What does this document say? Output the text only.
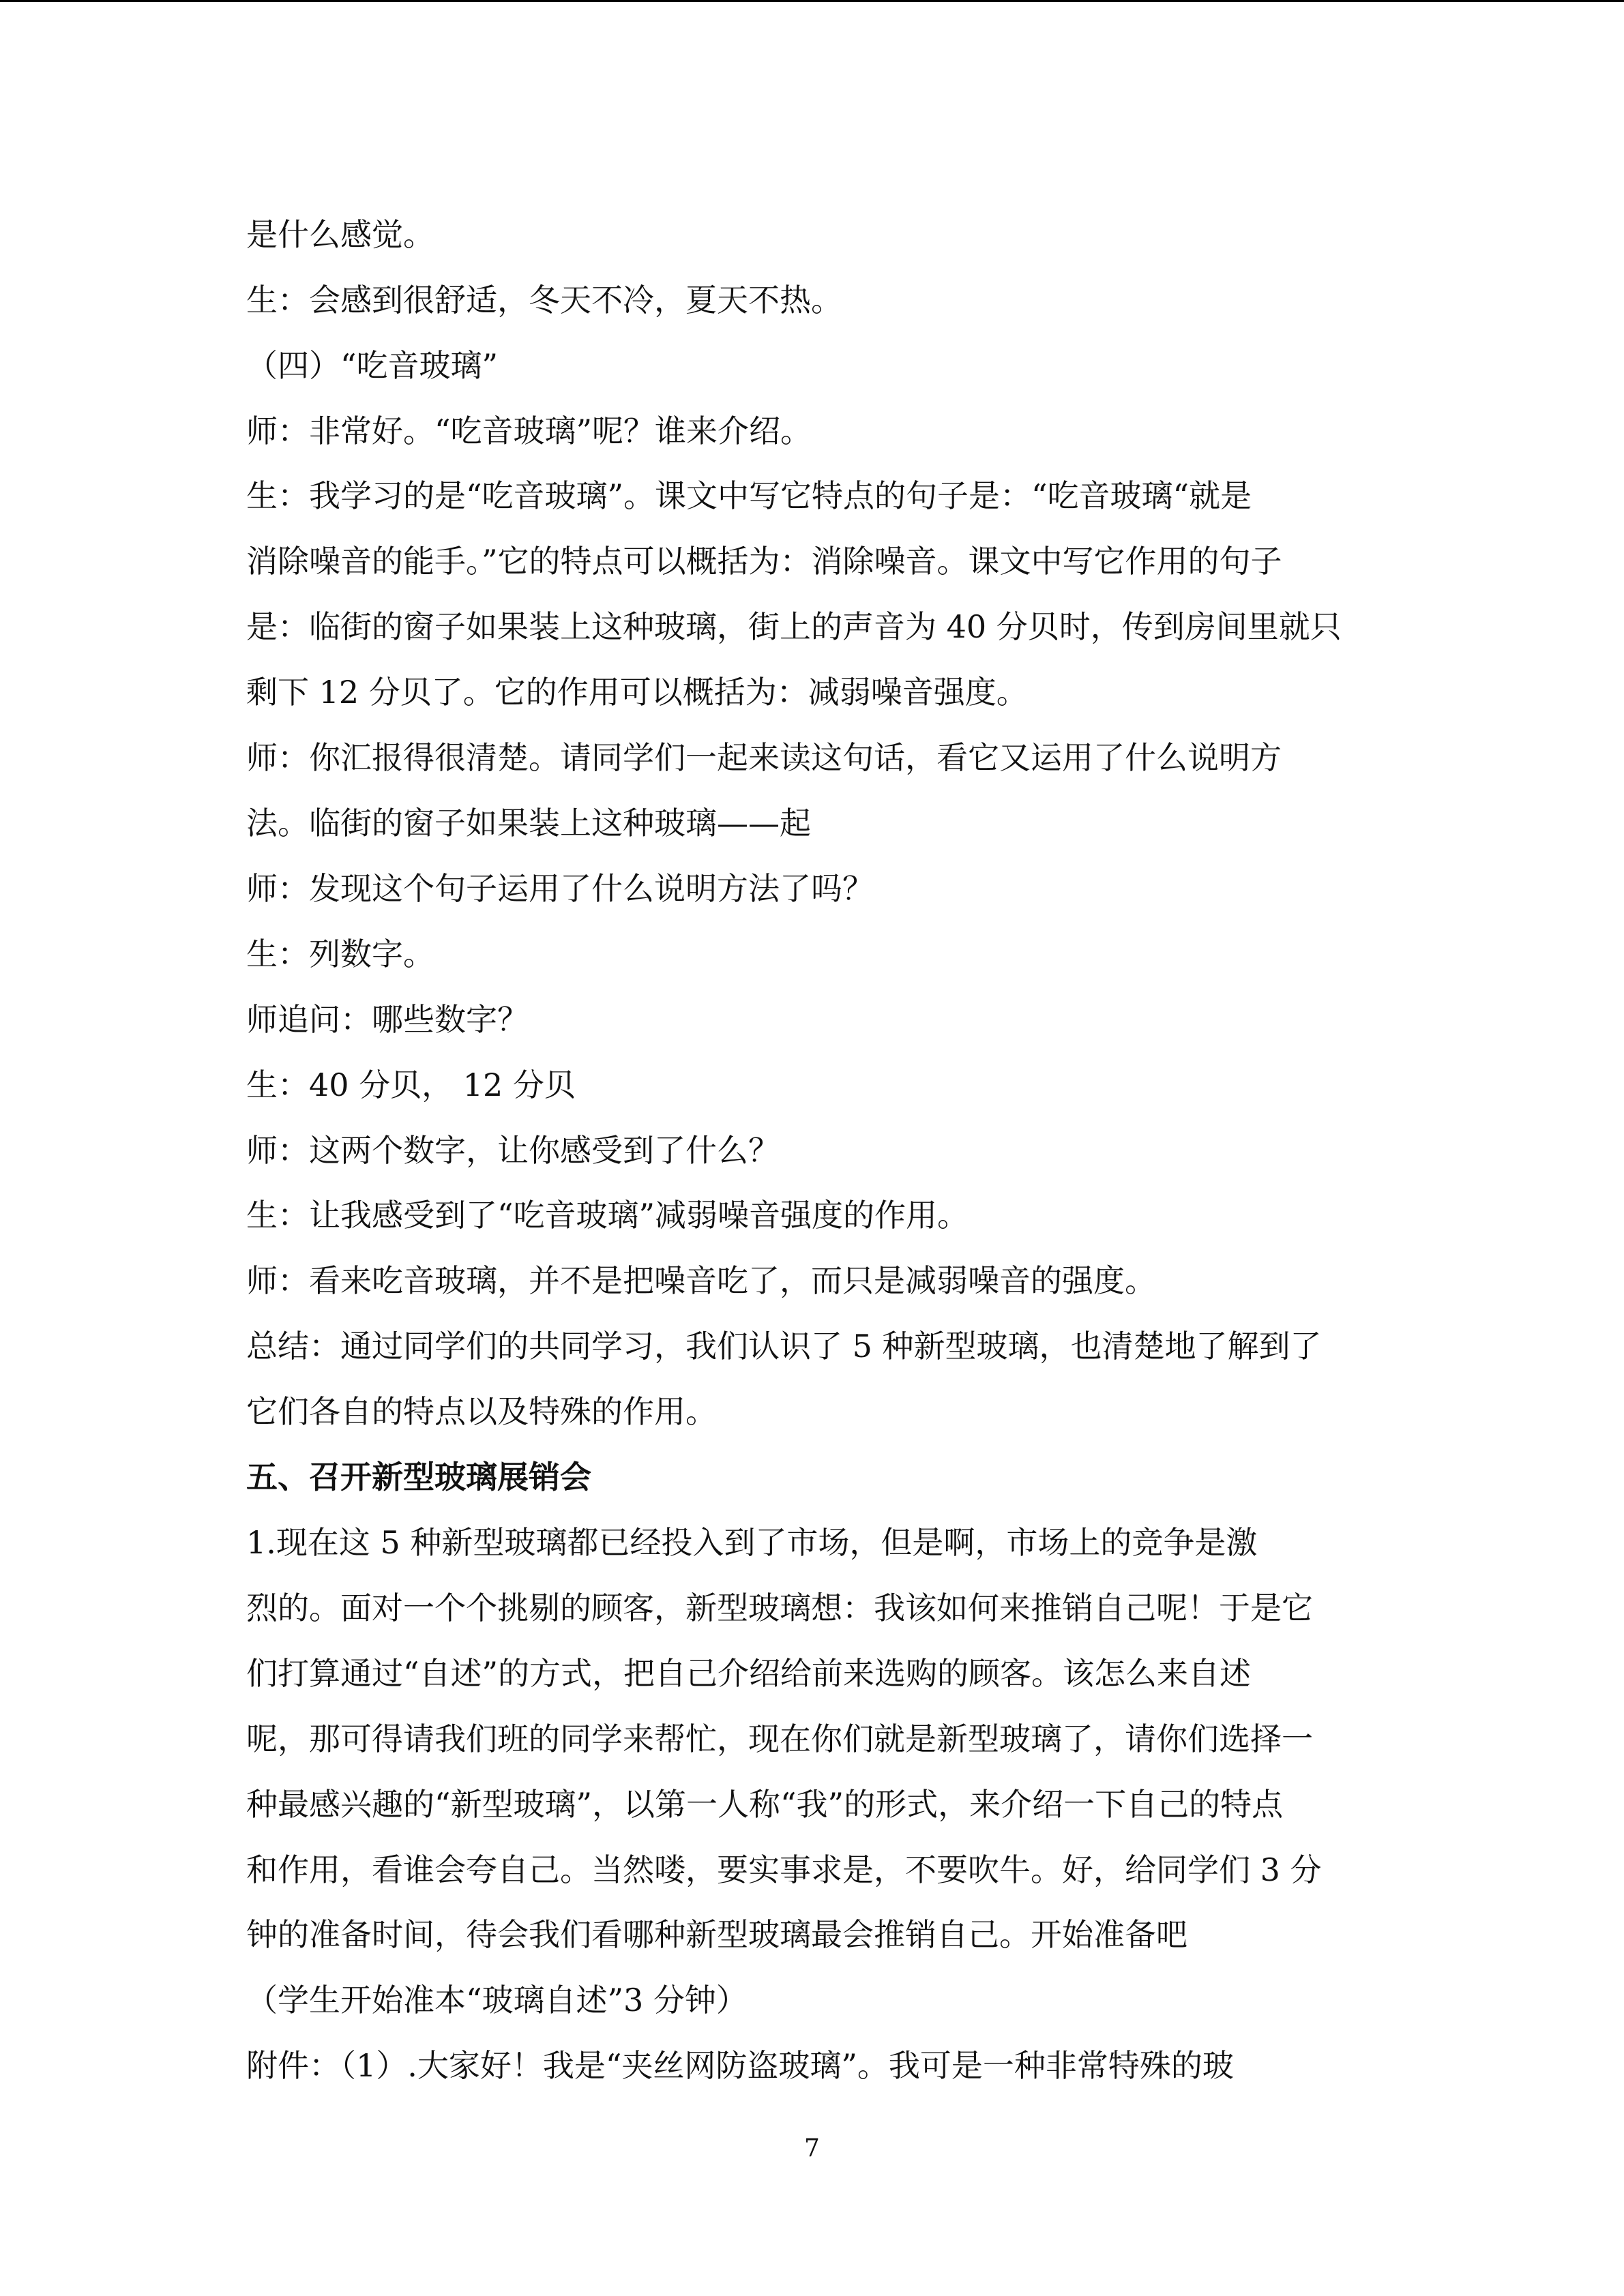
是什么感觉。
生：会感到很舒适，冬天不冷，夏天不热。
（四）“吃音玻璃”
师：非常好。“吃音玻璃”呢？谁来介绍。
生：我学习的是“吃音玻璃”。课文中写它特点的句子是：“吃音玻璃“就是
消除噪音的能手。”它的特点可以概括为：消除噪音。课文中写它作用的句子
是：临街的窗子如果装上这种玻璃，街上的声音为 40 分贝时，传到房间里就只
剩下 12 分贝了。它的作用可以概括为：减弱噪音强度。
师：你汇报得很清楚。请同学们一起来读这句话，看它又运用了什么说明方
法。临街的窗子如果装上这种玻璃——起
师：发现这个句子运用了什么说明方法了吗？
生：列数字。
师追问：哪些数字？
生：40 分贝， 12 分贝
师：这两个数字，让你感受到了什么？
生：让我感受到了“吃音玻璃”减弱噪音强度的作用。
师：看来吃音玻璃，并不是把噪音吃了，而只是减弱噪音的强度。
总结：通过同学们的共同学习，我们认识了 5 种新型玻璃，也清楚地了解到了
它们各自的特点以及特殊的作用。
五、召开新型玻璃展销会
1.现在这 5 种新型玻璃都已经投入到了市场，但是啊，市场上的竞争是激
烈的。面对一个个挑剔的顾客，新型玻璃想：我该如何来推销自己呢！于是它
们打算通过“自述”的方式，把自己介绍给前来选购的顾客。该怎么来自述
呢，那可得请我们班的同学来帮忙，现在你们就是新型玻璃了，请你们选择一
种最感兴趣的“新型玻璃”，以第一人称“我”的形式，来介绍一下自己的特点
和作用，看谁会夸自己。当然喽，要实事求是，不要吹牛。好，给同学们 3 分
钟的准备时间，待会我们看哪种新型玻璃最会推销自己。开始准备吧
（学生开始准本“玻璃自述”3 分钟）
附件：（1）.大家好！我是“夹丝网防盗玻璃”。我可是一种非常特殊的玻
7
